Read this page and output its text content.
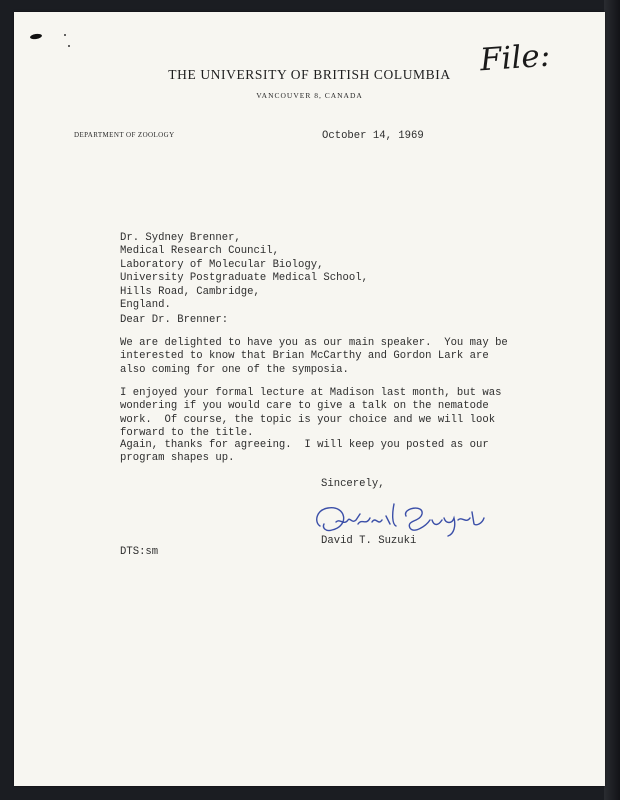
THE UNIVERSITY OF BRITISH COLUMBIA
VANCOUVER 8, CANADA
File:
DEPARTMENT OF ZOOLOGY	October 14, 1969
Dr. Sydney Brenner,
Medical Research Council,
Laboratory of Molecular Biology,
University Postgraduate Medical School,
Hills Road, Cambridge,
England.
Dear Dr. Brenner:
We are delighted to have you as our main speaker.  You may be
interested to know that Brian McCarthy and Gordon Lark are
also coming for one of the symposia.
I enjoyed your formal lecture at Madison last month, but was
wondering if you would care to give a talk on the nematode
work.  Of course, the topic is your choice and we will look
forward to the title.
Again, thanks for agreeing.  I will keep you posted as our
program shapes up.
Sincerely,
David T. Suzuki
DTS:sm
